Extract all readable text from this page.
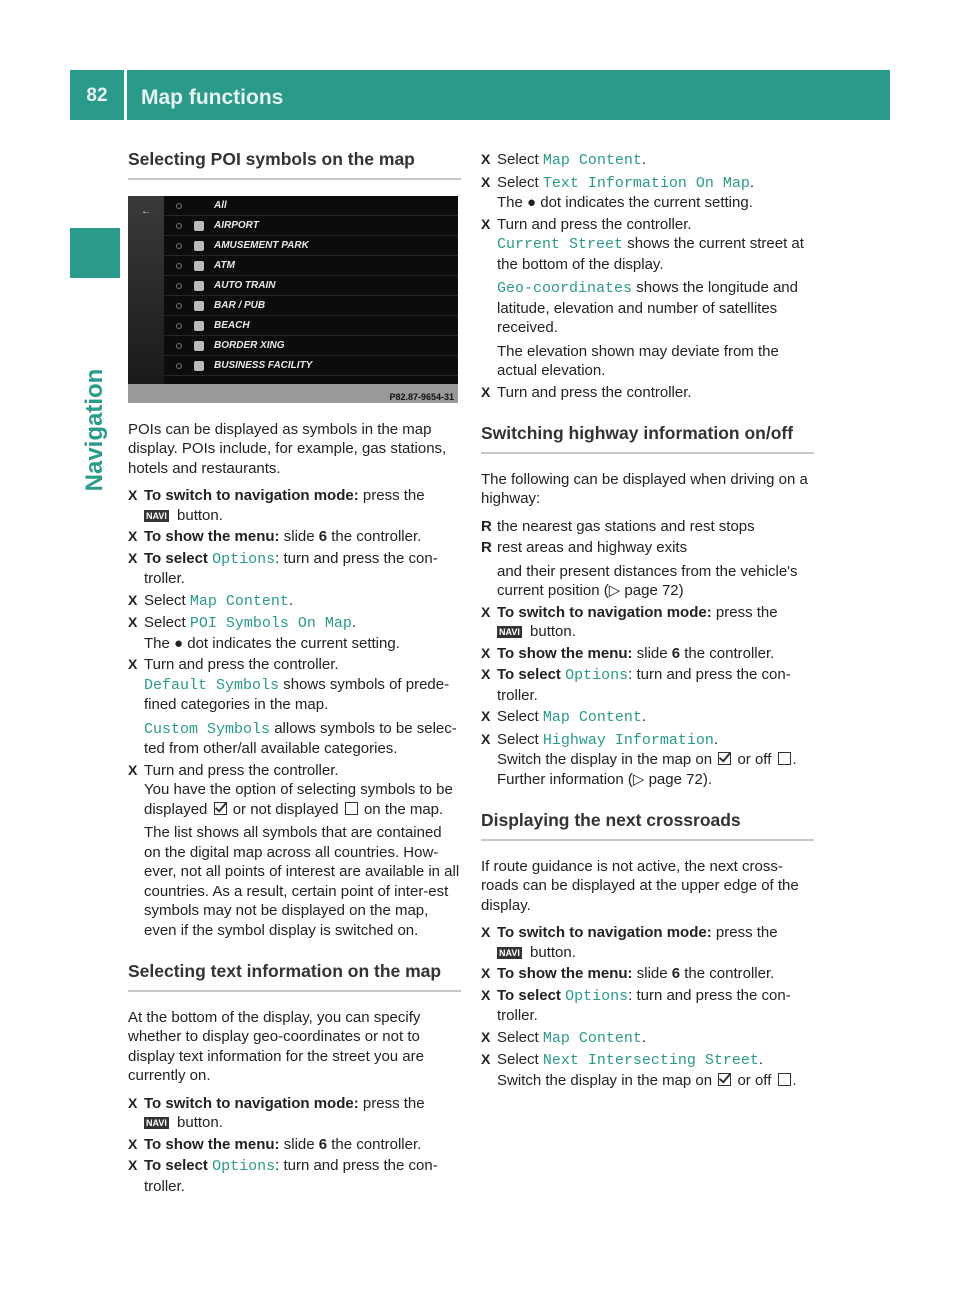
82	Map functions
Navigation
Selecting POI symbols on the map
←
All
AIRPORT
AMUSEMENT PARK
ATM
AUTO TRAIN
BAR / PUB
BEACH
BORDER XING
BUSINESS FACILITY
P82.87-9654-31

POIs can be displayed as symbols in the map display. POIs include, for example, gas stations, hotels and restaurants.

X To switch to navigation mode: press the
NAVI button.
X To show the menu: slide 6 the controller.
X To select Options: turn and press the con-
troller.
X Select Map Content.
X Select POI Symbols On Map.
The ● dot indicates the current setting.
X Turn and press the controller.
Default Symbols shows symbols of prede-fined categories in the map.
Custom Symbols allows symbols to be selec-ted from other/all available categories.
X Turn and press the controller.
You have the option of selecting symbols to be displayed  or not displayed  on the map.
The list shows all symbols that are contained on the digital map across all countries. How-ever, not all points of interest are available in all countries. As a result, certain point of inter-est symbols may not be displayed on the map, even if the symbol display is switched on.
Selecting text information on the map

At the bottom of the display, you can specify whether to display geo-coordinates or not to display text information for the street you are currently on.

X To switch to navigation mode: press the
NAVI button.
X To show the menu: slide 6 the controller.
X To select Options: turn and press the con-
troller.
X Select Map Content.
X Select Text Information On Map.
The ● dot indicates the current setting.
X Turn and press the controller.
Current Street shows the current street at the bottom of the display.
Geo-coordinates shows the longitude and latitude, elevation and number of satellites received.
The elevation shown may deviate from the actual elevation.
X Turn and press the controller.
Switching highway information on/off

The following can be displayed when driving on a highway:

R the nearest gas stations and rest stops
R rest areas and highway exits
and their present distances from the vehicle's current position (▷ page 72)
X To switch to navigation mode: press the
NAVI button.
X To show the menu: slide 6 the controller.
X To select Options: turn and press the con-
troller.
X Select Map Content.
X Select Highway Information.
Switch the display in the map on  or off .
Further information (▷ page 72).
Displaying the next crossroads

If route guidance is not active, the next cross-roads can be displayed at the upper edge of the display.

X To switch to navigation mode: press the
NAVI button.
X To show the menu: slide 6 the controller.
X To select Options: turn and press the con-
troller.
X Select Map Content.
X Select Next Intersecting Street.
Switch the display in the map on  or off .
